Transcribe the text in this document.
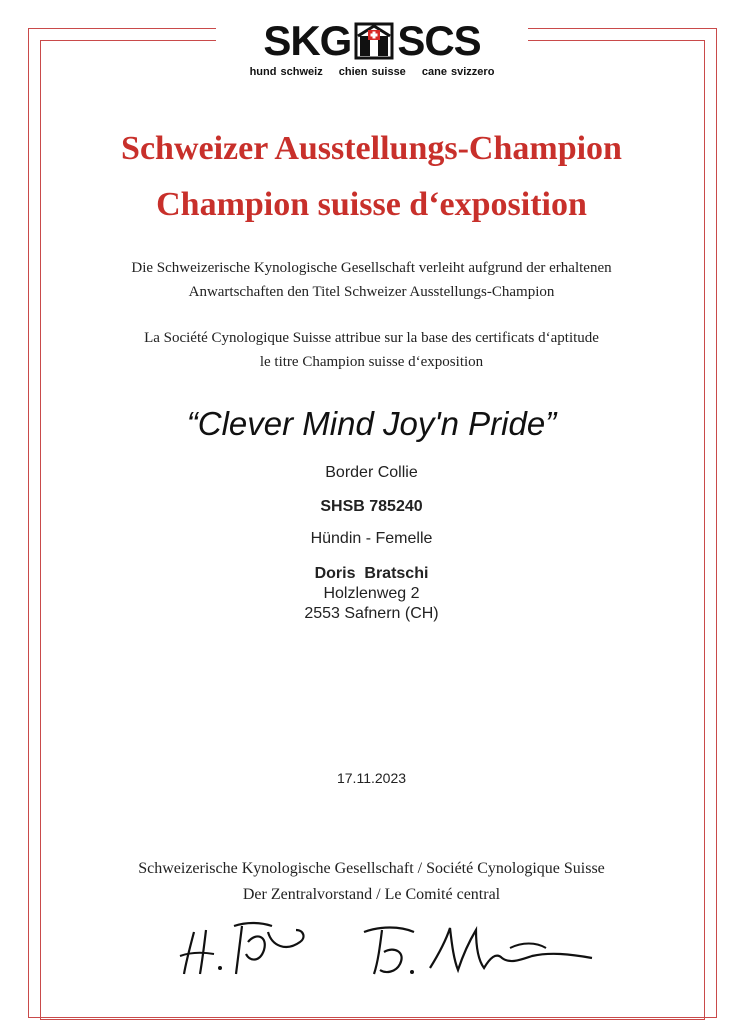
SKG SCS
hund schweiz chien suisse cane svizzero
Schweizer Ausstellungs-Champion
Champion suisse d‘exposition
Die Schweizerische Kynologische Gesellschaft verleiht aufgrund der erhaltenen
Anwartschaften den Titel Schweizer Ausstellungs-Champion
La Société Cynologique Suisse attribue sur la base des certificats d‘aptitude
le titre Champion suisse d‘exposition
“Clever Mind Joy'n Pride”
Border Collie
SHSB 785240
Hündin - Femelle
Doris  Bratschi
Holzlenweg 2
2553 Safnern (CH)
17.11.2023
Schweizerische Kynologische Gesellschaft / Société Cynologique Suisse
Der Zentralvorstand / Le Comité central
